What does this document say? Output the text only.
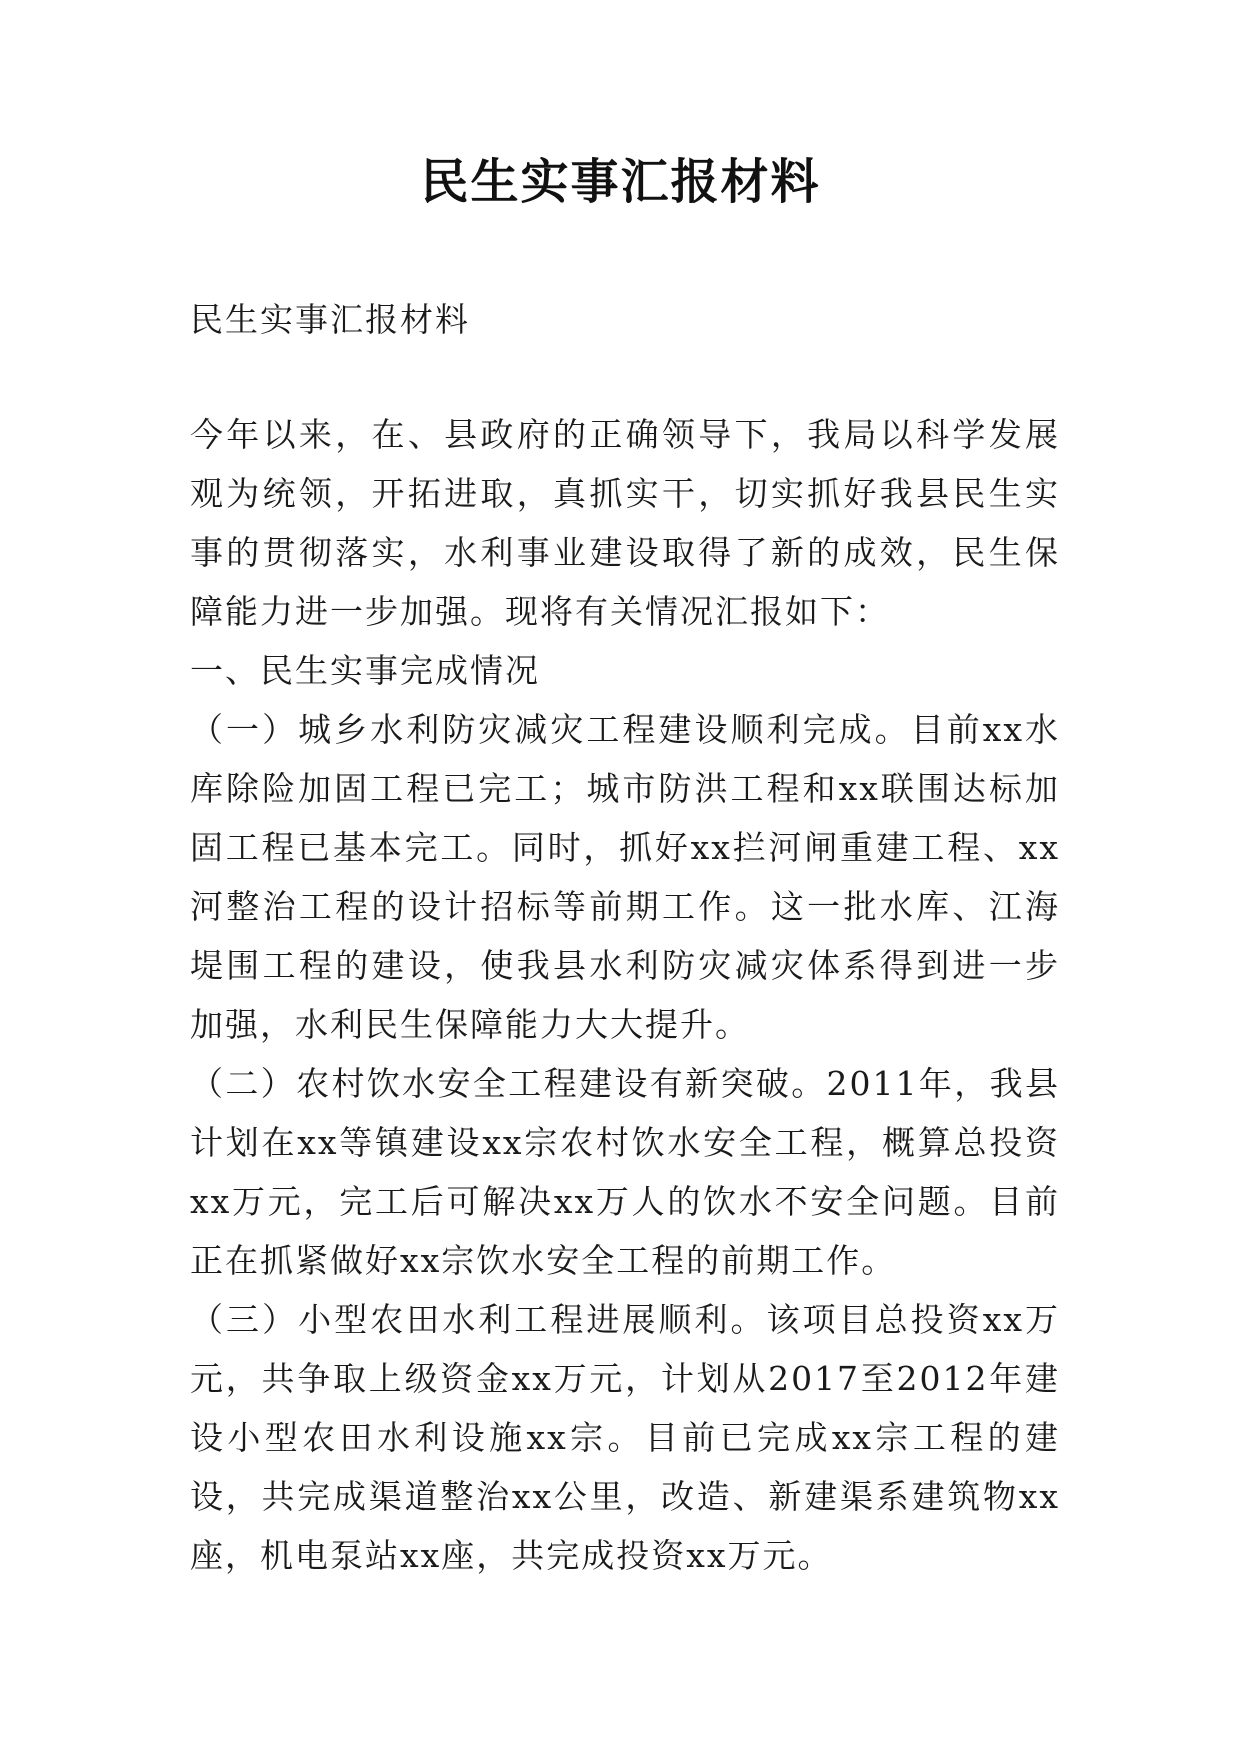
民生实事汇报材料

民生实事汇报材料

今年以来，在、县政府的正确领导下，我局以科学发展观为统领，开拓进取，真抓实干，切实抓好我县民生实事的贯彻落实，水利事业建设取得了新的成效，民生保障能力进一步加强。现将有关情况汇报如下：

一、民生实事完成情况

（一）城乡水利防灾减灾工程建设顺利完成。目前xx水库除险加固工程已完工；城市防洪工程和xx联围达标加固工程已基本完工。同时，抓好xx拦河闸重建工程、xx河整治工程的设计招标等前期工作。这一批水库、江海堤围工程的建设，使我县水利防灾减灾体系得到进一步加强，水利民生保障能力大大提升。

（二）农村饮水安全工程建设有新突破。2011年，我县计划在xx等镇建设xx宗农村饮水安全工程，概算总投资xx万元，完工后可解决xx万人的饮水不安全问题。目前正在抓紧做好xx宗饮水安全工程的前期工作。

（三）小型农田水利工程进展顺利。该项目总投资xx万元，共争取上级资金xx万元，计划从2017至2012年建设小型农田水利设施xx宗。目前已完成xx宗工程的建设，共完成渠道整治xx公里，改造、新建渠系建筑物xx座，机电泵站xx座，共完成投资xx万元。
